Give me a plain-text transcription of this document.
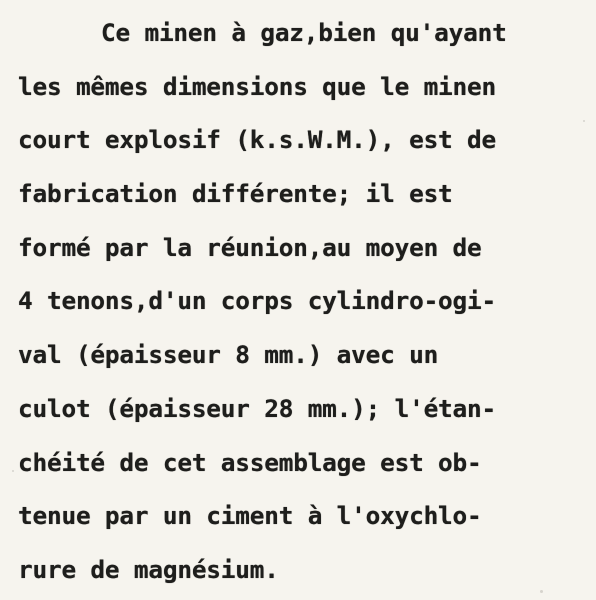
Ce minen à gaz,bien qu'ayant
les mêmes dimensions que le minen
court explosif (k.s.W.M.), est de
fabrication différente; il est
formé par la réunion,au moyen de
4 tenons,d'un corps cylindro-ogi-
val (épaisseur 8 mm.) avec un
culot (épaisseur 28 mm.); l'étan-
chéité de cet assemblage est ob-
tenue par un ciment à l'oxychlo-
rure de magnésium.
